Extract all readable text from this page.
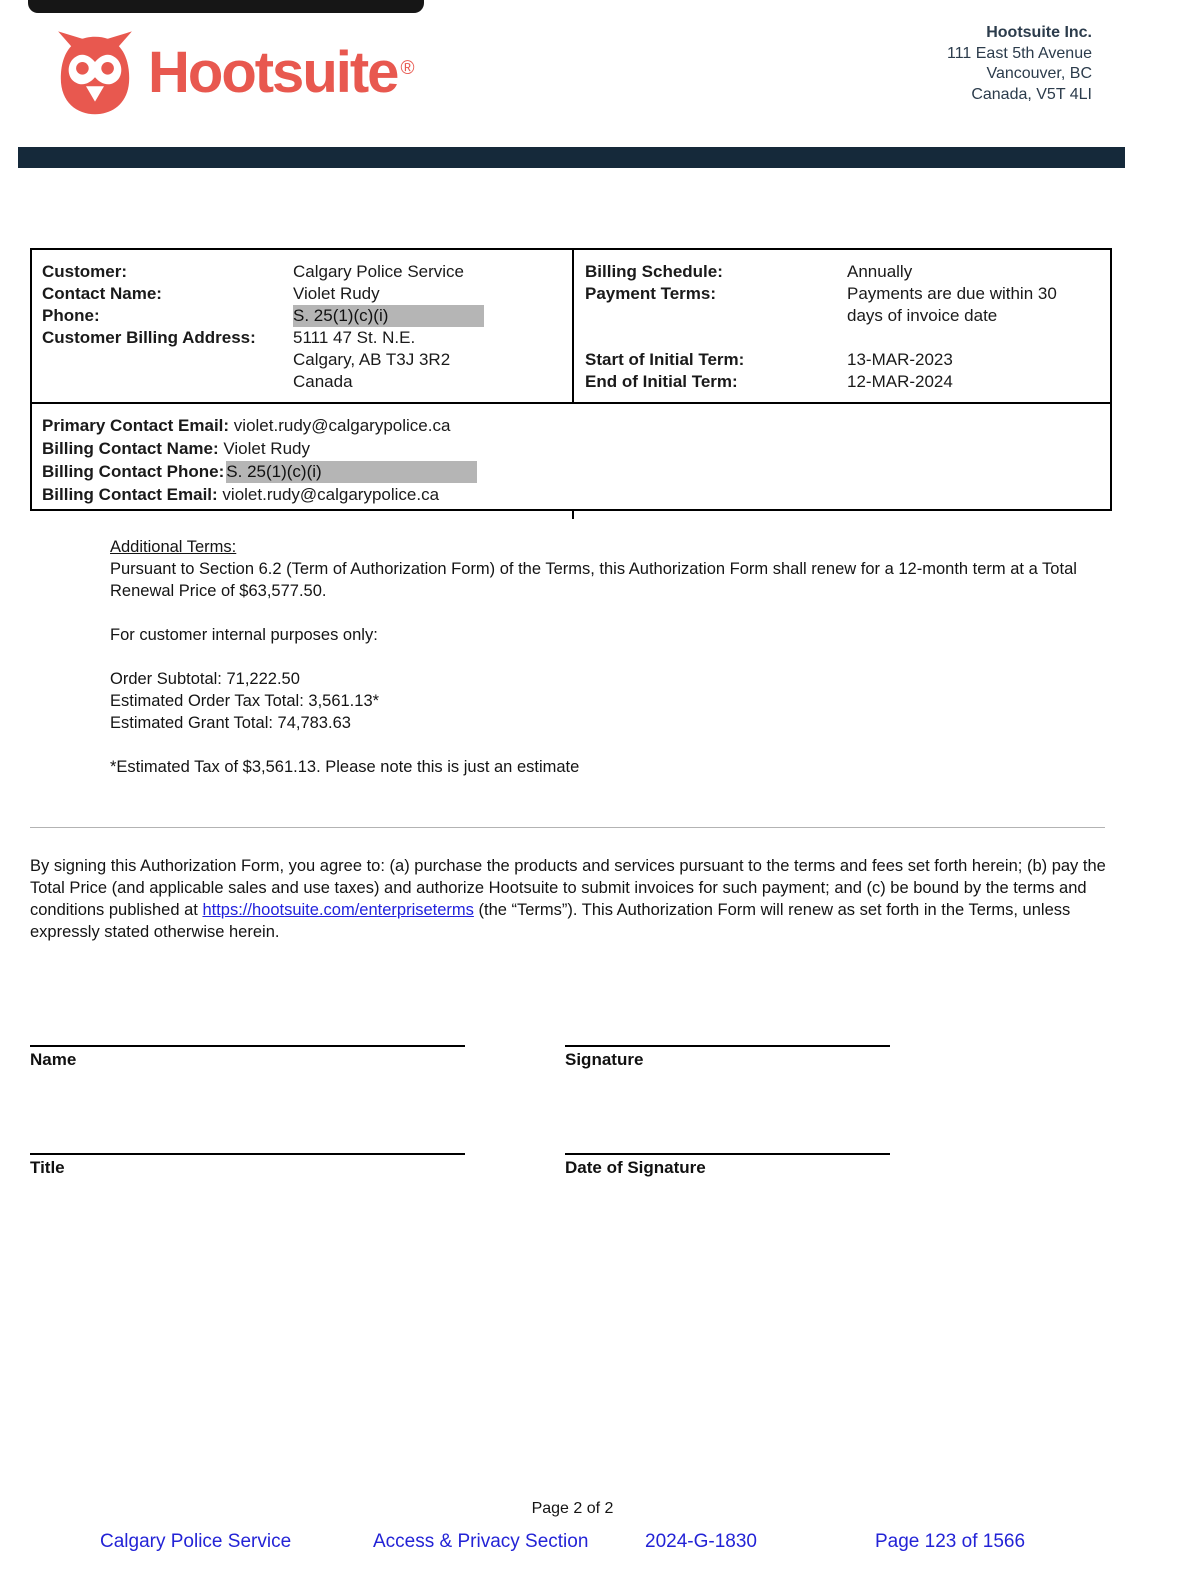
Hootsuite ®
Hootsuite Inc.
111 East 5th Avenue
Vancouver, BC
Canada, V5T 4LI
Customer:	Calgary Police Service
Contact Name:	Violet Rudy
Phone:	S. 25(1)(c)(i)
Customer Billing Address:	5111 47 St. N.E.
Calgary, AB T3J 3R2
Canada
Billing Schedule:	Annually
Payment Terms:	Payments are due within 30 days of invoice date
Start of Initial Term:	13-MAR-2023
End of Initial Term:	12-MAR-2024
Primary Contact Email: violet.rudy@calgarypolice.ca
Billing Contact Name: Violet Rudy
Billing Contact Phone: S. 25(1)(c)(i)
Billing Contact Email: violet.rudy@calgarypolice.ca
Additional Terms:
Pursuant to Section 6.2 (Term of Authorization Form) of the Terms, this Authorization Form shall renew for a 12-month term at a Total Renewal Price of $63,577.50.
For customer internal purposes only:
Order Subtotal: 71,222.50
Estimated Order Tax Total: 3,561.13*
Estimated Grant Total: 74,783.63
*Estimated Tax of $3,561.13. Please note this is just an estimate
By signing this Authorization Form, you agree to: (a) purchase the products and services pursuant to the terms and fees set forth herein; (b) pay the Total Price (and applicable sales and use taxes) and authorize Hootsuite to submit invoices for such payment; and (c) be bound by the terms and conditions published at https://hootsuite.com/enterpriseterms (the “Terms”). This Authorization Form will renew as set forth in the Terms, unless expressly stated otherwise herein.
Name	Signature
Title	Date of Signature
Page 2 of 2
Calgary Police Service	Access & Privacy Section	2024-G-1830	Page 123 of 1566
